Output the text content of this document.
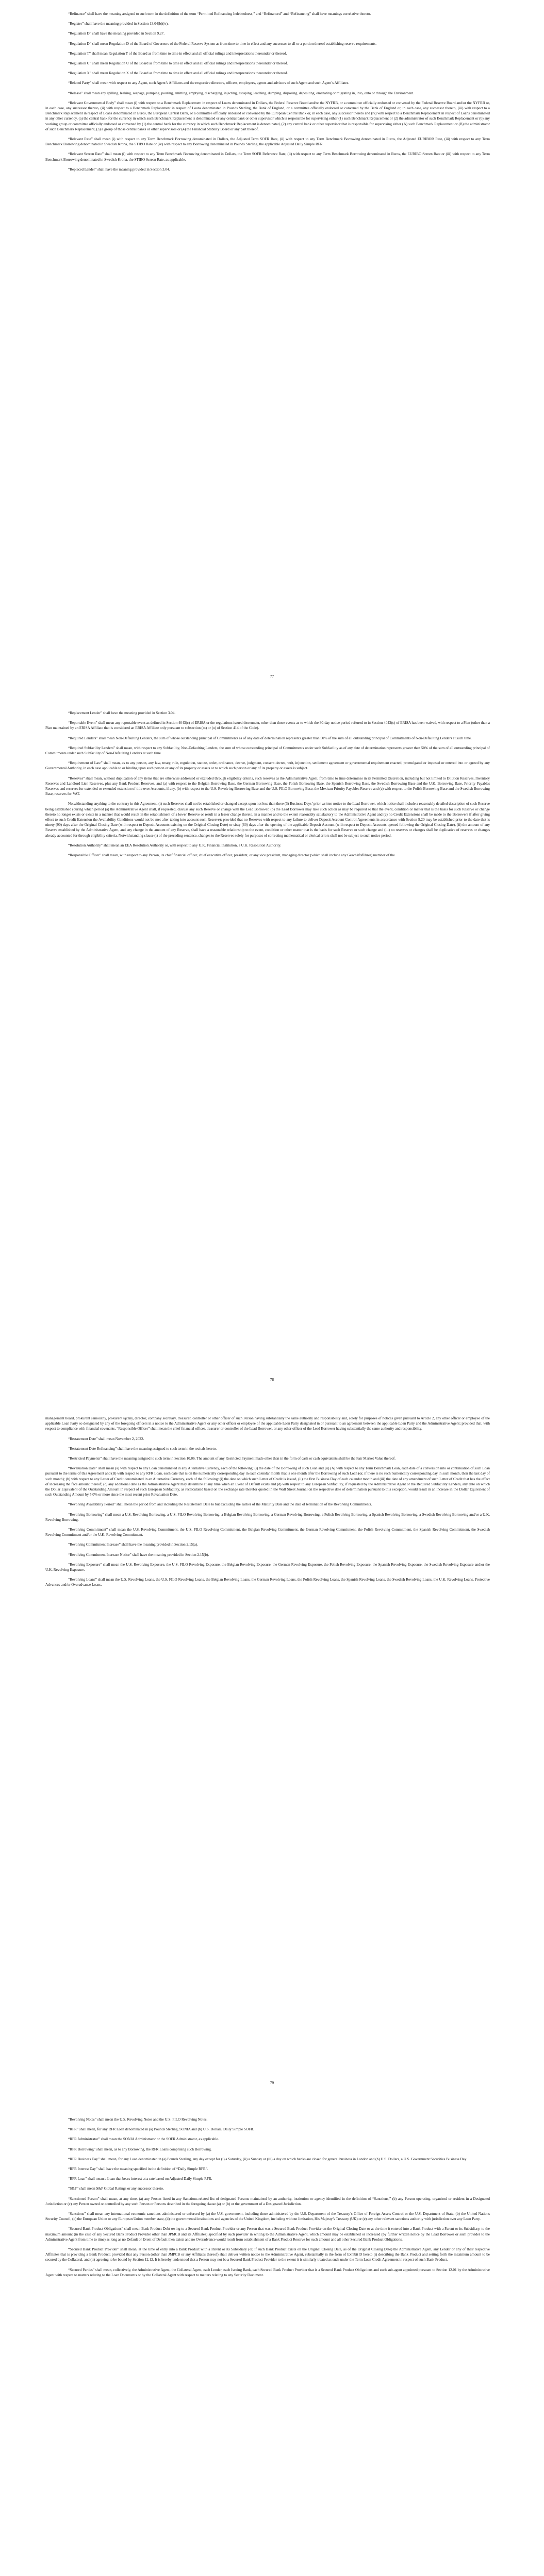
“Refinance” shall have the meaning assigned to such term in the definition of the term “Permitted Refinancing Indebtedness,” and “Refinanced” and “Refinancing” shall have meanings correlative thereto.

“Register” shall have the meaning provided in Section 13.04(b)(iv).

“Regulation D” shall have the meaning provided in Section 9.27.

“Regulation D” shall mean Regulation D of the Board of Governors of the Federal Reserve System as from time to time in effect and any successor to all or a portion thereof establishing reserve requirements.

“Regulation T” shall mean Regulation T of the Board as from time to time in effect and all official rulings and interpretations thereunder or thereof.

“Regulation U” shall mean Regulation U of the Board as from time to time in effect and all official rulings and interpretations thereunder or thereof.

“Regulation X” shall mean Regulation X of the Board as from time to time in effect and all official rulings and interpretations thereunder or thereof.

“Related Party” shall mean with respect to any Agent, such Agent’s Affiliates and the respective directors, officers, employees, agents and advisors of such Agent and such Agent’s Affiliates.

“Release” shall mean any spilling, leaking, seepage, pumping, pouring, emitting, emptying, discharging, injecting, escaping, leaching, dumping, disposing, depositing, emanating or migrating in, into, onto or through the Environment.

“Relevant Governmental Body” shall mean (i) with respect to a Benchmark Replacement in respect of Loans denominated in Dollars, the Federal Reserve Board and/or the NYFRB, or a committee officially endorsed or convened by the Federal Reserve Board and/or the NYFRB or, in each case, any successor thereto, (ii) with respect to a Benchmark Replacement in respect of Loans denominated in Pounds Sterling, the Bank of England, or a committee officially endorsed or convened by the Bank of England or, in each case, any successor thereto, (iii) with respect to a Benchmark Replacement in respect of Loans denominated in Euros, the European Central Bank, or a committee officially endorsed or convened by the European Central Bank or, in each case, any successor thereto and (iv) with respect to a Benchmark Replacement in respect of Loans denominated in any other currency, (a) the central bank for the currency in which such Benchmark Replacement is denominated or any central bank or other supervisor which is responsible for supervising either (1) such Benchmark Replacement or (2) the administrator of such Benchmark Replacement or (b) any working group or committee officially endorsed or convened by (1) the central bank for the currency in which such Benchmark Replacement is denominated, (2) any central bank or other supervisor that is responsible for supervising either (A) such Benchmark Replacement or (B) the administrator of such Benchmark Replacement, (3) a group of those central banks or other supervisors or (4) the Financial Stability Board or any part thereof.

“Relevant Rate” shall mean (i) with respect to any Term Benchmark Borrowing denominated in Dollars, the Adjusted Term SOFR Rate, (ii) with respect to any Term Benchmark Borrowing denominated in Euros, the Adjusted EURIBOR Rate, (iii) with respect to any Term Benchmark Borrowing denominated in Swedish Krona, the STIBO Rate or (iv) with respect to any Borrowing denominated in Pounds Sterling, the applicable Adjusted Daily Simple RFR.

“Relevant Screen Rate” shall mean (i) with respect to any Term Benchmark Borrowing denominated in Dollars, the Term SOFR Reference Rate, (ii) with respect to any Term Benchmark Borrowing denominated in Euros, the EURIBO Screen Rate or (iii) with respect to any Term Benchmark Borrowing denominated in Swedish Krona, the STIBO Screen Rate, as applicable.

“Replaced Lender” shall have the meaning provided in Section 3.04.

77

“Replacement Lender” shall have the meaning provided in Section 3.04.

“Reportable Event” shall mean any reportable event as defined in Section 4043(c) of ERISA or the regulations issued thereunder, other than those events as to which the 30-day notice period referred to in Section 4043(c) of ERISA has been waived, with respect to a Plan (other than a Plan maintained by an ERISA Affiliate that is considered an ERISA Affiliate only pursuant to subsection (m) or (o) of Section 414 of the Code).

“Required Lenders” shall mean Non-Defaulting Lenders, the sum of whose outstanding principal of Commitments as of any date of determination represents greater than 50% of the sum of all outstanding principal of Commitments of Non-Defaulting Lenders at such time.

“Required Subfacility Lenders” shall mean, with respect to any Subfacility, Non-Defaulting Lenders, the sum of whose outstanding principal of Commitments under such Subfacility as of any date of determination represents greater than 50% of the sum of all outstanding principal of Commitments under such Subfacility of Non-Defaulting Lenders at such time.

“Requirement of Law” shall mean, as to any person, any law, treaty, rule, regulation, statute, order, ordinance, decree, judgment, consent decree, writ, injunction, settlement agreement or governmental requirement enacted, promulgated or imposed or entered into or agreed by any Governmental Authority, in each case applicable to or binding upon such person or any of its property or assets or to which such person or any of its property or assets is subject.

“Reserves” shall mean, without duplication of any items that are otherwise addressed or excluded through eligibility criteria, such reserves as the Administrative Agent, from time to time determines in its Permitted Discretion, including but not limited to Dilution Reserves, Inventory Reserves and Landlord Lien Reserves, plus any Bank Product Reserves, and (a) with respect to the Belgian Borrowing Base, the German Borrowing Base, the Polish Borrowing Base, the Spanish Borrowing Base, the Swedish Borrowing Base and the U.K. Borrowing Base, Priority Payables Reserves and reserves for extended or extended extension of title over Accounts, if any, (b) with respect to the U.S. Revolving Borrowing Base and the U.S. FILO Borrowing Base, the Mexican Priority Payables Reserve and (c) with respect to the Polish Borrowing Base and the Swedish Borrowing Base, reserves for VAT.

Notwithstanding anything to the contrary in this Agreement, (i) such Reserves shall not be established or changed except upon not less than three (3) Business Days’ prior written notice to the Lead Borrower, which notice shall include a reasonably detailed description of such Reserve being established (during which period (a) the Administrative Agent shall, if requested, discuss any such Reserve or change with the Lead Borrower, (b) the Lead Borrower may take such action as may be required so that the event, condition or matter that is the basis for such Reserve or change thereto no longer exists or exists in a manner that would result in the establishment of a lower Reserve or result in a lesser change thereto, in a manner and to the extent reasonably satisfactory to the Administrative Agent and (c) no Credit Extensions shall be made to the Borrowers if after giving effect to such Credit Extension the Availability Conditions would not be met after taking into account such Reserve); provided that no Reserves with respect to any failure to deliver Deposit Account Control Agreements in accordance with Section 9.20 may be established prior to the date that is ninety (90) days after the Original Closing Date (with respect to Deposit Accounts existing on the Original Closing Date) or sixty (60) days after the opening of the applicable Deposit Account (with respect to Deposit Accounts opened following the Original Closing Date), (ii) the amount of any Reserve established by the Administrative Agent, and any change in the amount of any Reserve, shall have a reasonable relationship to the event, condition or other matter that is the basis for such Reserve or such change and (iii) no reserves or changes shall be duplicative of reserves or changes already accounted for through eligibility criteria. Notwithstanding clause (i) of the preceding sentence, changes to the Reserves solely for purposes of correcting mathematical or clerical errors shall not be subject to such notice period.

“Resolution Authority” shall mean an EEA Resolution Authority or, with respect to any U.K. Financial Institution, a U.K. Resolution Authority.

“Responsible Officer” shall mean, with respect to any Person, its chief financial officer, chief executive officer, president, or any vice president, managing director (which shall include any Geschäftsführer) member of the

78

management board, prokurent samoistny, prokurent łączny, director, company secretary, treasurer, controller or other officer of such Person having substantially the same authority and responsibility and, solely for purposes of notices given pursuant to Article 2, any other officer or employee of the applicable Loan Party so designated by any of the foregoing officers in a notice to the Administrative Agent or any other officer or employee of the applicable Loan Party designated in or pursuant to an agreement between the applicable Loan Party and the Administrative Agent; provided that, with respect to compliance with financial covenants, “Responsible Officer” shall mean the chief financial officer, treasurer or controller of the Lead Borrower, or any other officer of the Lead Borrower having substantially the same authority and responsibility.

“Restatement Date” shall mean November 2, 2022.

“Restatement Date Refinancing” shall have the meaning assigned to such term in the recitals hereto.

“Restricted Payments” shall have the meaning assigned to such term in Section 10.06. The amount of any Restricted Payment made other than in the form of cash or cash equivalents shall be the Fair Market Value thereof.

“Revaluation Date” shall mean (a) with respect to any Loan denominated in any Alternative Currency, each of the following: (i) the date of the Borrowing of such Loan and (ii) (A) with respect to any Term Benchmark Loan, each date of a conversion into or continuation of such Loan pursuant to the terms of this Agreement and (B) with respect to any RFR Loan, each date that is on the numerically corresponding day in each calendar month that is one month after the Borrowing of such Loan (or, if there is no such numerically corresponding day in such month, then the last day of such month); (b) with respect to any Letter of Credit denominated in an Alternative Currency, each of the following: (i) the date on which such Letter of Credit is issued, (ii) the first Business Day of each calendar month and (iii) the date of any amendment of such Letter of Credit that has the effect of increasing the face amount thereof; (c) any additional date as the Administrative Agent may determine at any time when an Event of Default exists and (d) with respect to any European Subfacility, if requested by the Administrative Agent or the Required Subfacility Lenders, any date on which the Dollar Equivalent of the Outstanding Amount in respect of such European Subfacility, as recalculated based on the exchange rate therefor quoted in the Wall Street Journal on the respective date of determination pursuant to this exception, would result in an increase in the Dollar Equivalent of such Outstanding Amount by 5.0% or more since the most recent prior Revaluation Date.

“Revolving Availability Period” shall mean the period from and including the Restatement Date to but excluding the earlier of the Maturity Date and the date of termination of the Revolving Commitments.

“Revolving Borrowing” shall mean a U.S. Revolving Borrowing, a U.S. FILO Revolving Borrowing, a Belgian Revolving Borrowing, a German Revolving Borrowing, a Polish Revolving Borrowing, a Spanish Revolving Borrowing, a Swedish Revolving Borrowing and/or a U.K. Revolving Borrowing.

“Revolving Commitment” shall mean the U.S. Revolving Commitment, the U.S. FILO Revolving Commitment, the Belgian Revolving Commitment, the German Revolving Commitment, the Polish Revolving Commitment, the Spanish Revolving Commitment, the Swedish Revolving Commitment and/or the U.K. Revolving Commitment.

“Revolving Commitment Increase” shall have the meaning provided in Section 2.15(a).

“Revolving Commitment Increase Notice” shall have the meaning provided in Section 2.15(b).

“Revolving Exposure” shall mean the U.S. Revolving Exposure, the U.S. FILO Revolving Exposure, the Belgian Revolving Exposure, the German Revolving Exposure, the Polish Revolving Exposure, the Spanish Revolving Exposure, the Swedish Revolving Exposure and/or the U.K. Revolving Exposure.

“Revolving Loans” shall mean the U.S. Revolving Loans, the U.S. FILO Revolving Loans, the Belgian Revolving Loans, the German Revolving Loans, the Polish Revolving Loans, the Spanish Revolving Loans, the Swedish Revolving Loans, the U.K. Revolving Loans, Protective Advances and/or Overadvance Loans.

79

“Revolving Notes” shall mean the U.S. Revolving Notes and the U.S. FILO Revolving Notes.

“RFR” shall mean, for any RFR Loan denominated in (a) Pounds Sterling, SONIA and (b) U.S. Dollars, Daily Simple SOFR.

“RFR Administrator” shall mean the SONIA Administrator or the SOFR Administrator, as applicable.

“RFR Borrowing” shall mean, as to any Borrowing, the RFR Loans comprising such Borrowing.

“RFR Business Day” shall mean, for any Loan denominated in (a) Pounds Sterling, any day except for (i) a Saturday, (ii) a Sunday or (iii) a day on which banks are closed for general business in London and (b) U.S. Dollars, a U.S. Government Securities Business Day.

“RFR Interest Day” shall have the meaning specified in the definition of “Daily Simple RFR”.

“RFR Loan” shall mean a Loan that bears interest at a rate based on Adjusted Daily Simple RFR.

“S&P” shall mean S&P Global Ratings or any successor thereto.

“Sanctioned Person” shall mean, at any time, (a) any Person listed in any Sanctions-related list of designated Persons maintained by an authority, institution or agency identified in the definition of “Sanctions,” (b) any Person operating, organized or resident in a Designated Jurisdiction or (c) any Person owned or controlled by any such Person or Persons described in the foregoing clause (a) or (b) or the government of a Designated Jurisdiction.

“Sanctions” shall mean any international economic sanctions administered or enforced by (a) the U.S. government, including those administered by the U.S. Department of the Treasury’s Office of Foreign Assets Control or the U.S. Department of State, (b) the United Nations Security Council, (c) the European Union or any European Union member state, (d) the governmental institutions and agencies of the United Kingdom, including without limitation, His Majesty’s Treasury (UK) or (e) any other relevant sanctions authority with jurisdiction over any Loan Party.

“Secured Bank Product Obligations” shall mean Bank Product Debt owing to a Secured Bank Product Provider or any Person that was a Secured Bank Product Provider on the Original Closing Date or at the time it entered into a Bank Product with a Parent or its Subsidiary, to the maximum amount (in the case of any Secured Bank Product Provider other than JPMCB and its Affiliates) specified by such provider in writing to the Administrative Agent, which amount may be established or increased (by further written notice by the Lead Borrower or such provider to the Administrative Agent from time to time) as long as no Default or Event of Default then exists and no Overadvance would result from establishment of a Bank Product Reserve for such amount and all other Secured Bank Product Obligations.

“Secured Bank Product Provider” shall mean, at the time of entry into a Bank Product with a Parent or its Subsidiary (or, if such Bank Product exists on the Original Closing Date, as of the Original Closing Date) the Administrative Agent, any Lender or any of their respective Affiliates that is providing a Bank Product; provided that any Person (other than JMPCB or any Affiliates thereof) shall deliver written notice to the Administrative Agent, substantially in the form of Exhibit D hereto (i) describing the Bank Product and setting forth the maximum amount to be secured by the Collateral, and (ii) agreeing to be bound by Section 12.12. It is hereby understood that a Person may not be a Secured Bank Product Provider to the extent it is similarly treated as such under the Term Loan Credit Agreement in respect of such Bank Product.

“Secured Parties” shall mean, collectively, the Administrative Agent, the Collateral Agent, each Lender, each Issuing Bank, each Secured Bank Product Provider that is a Secured Bank Product Obligations and each sub-agent appointed pursuant to Section 12.01 by the Administrative Agent with respect to matters relating to the Loan Documents or by the Collateral Agent with respect to matters relating to any Security Document.
